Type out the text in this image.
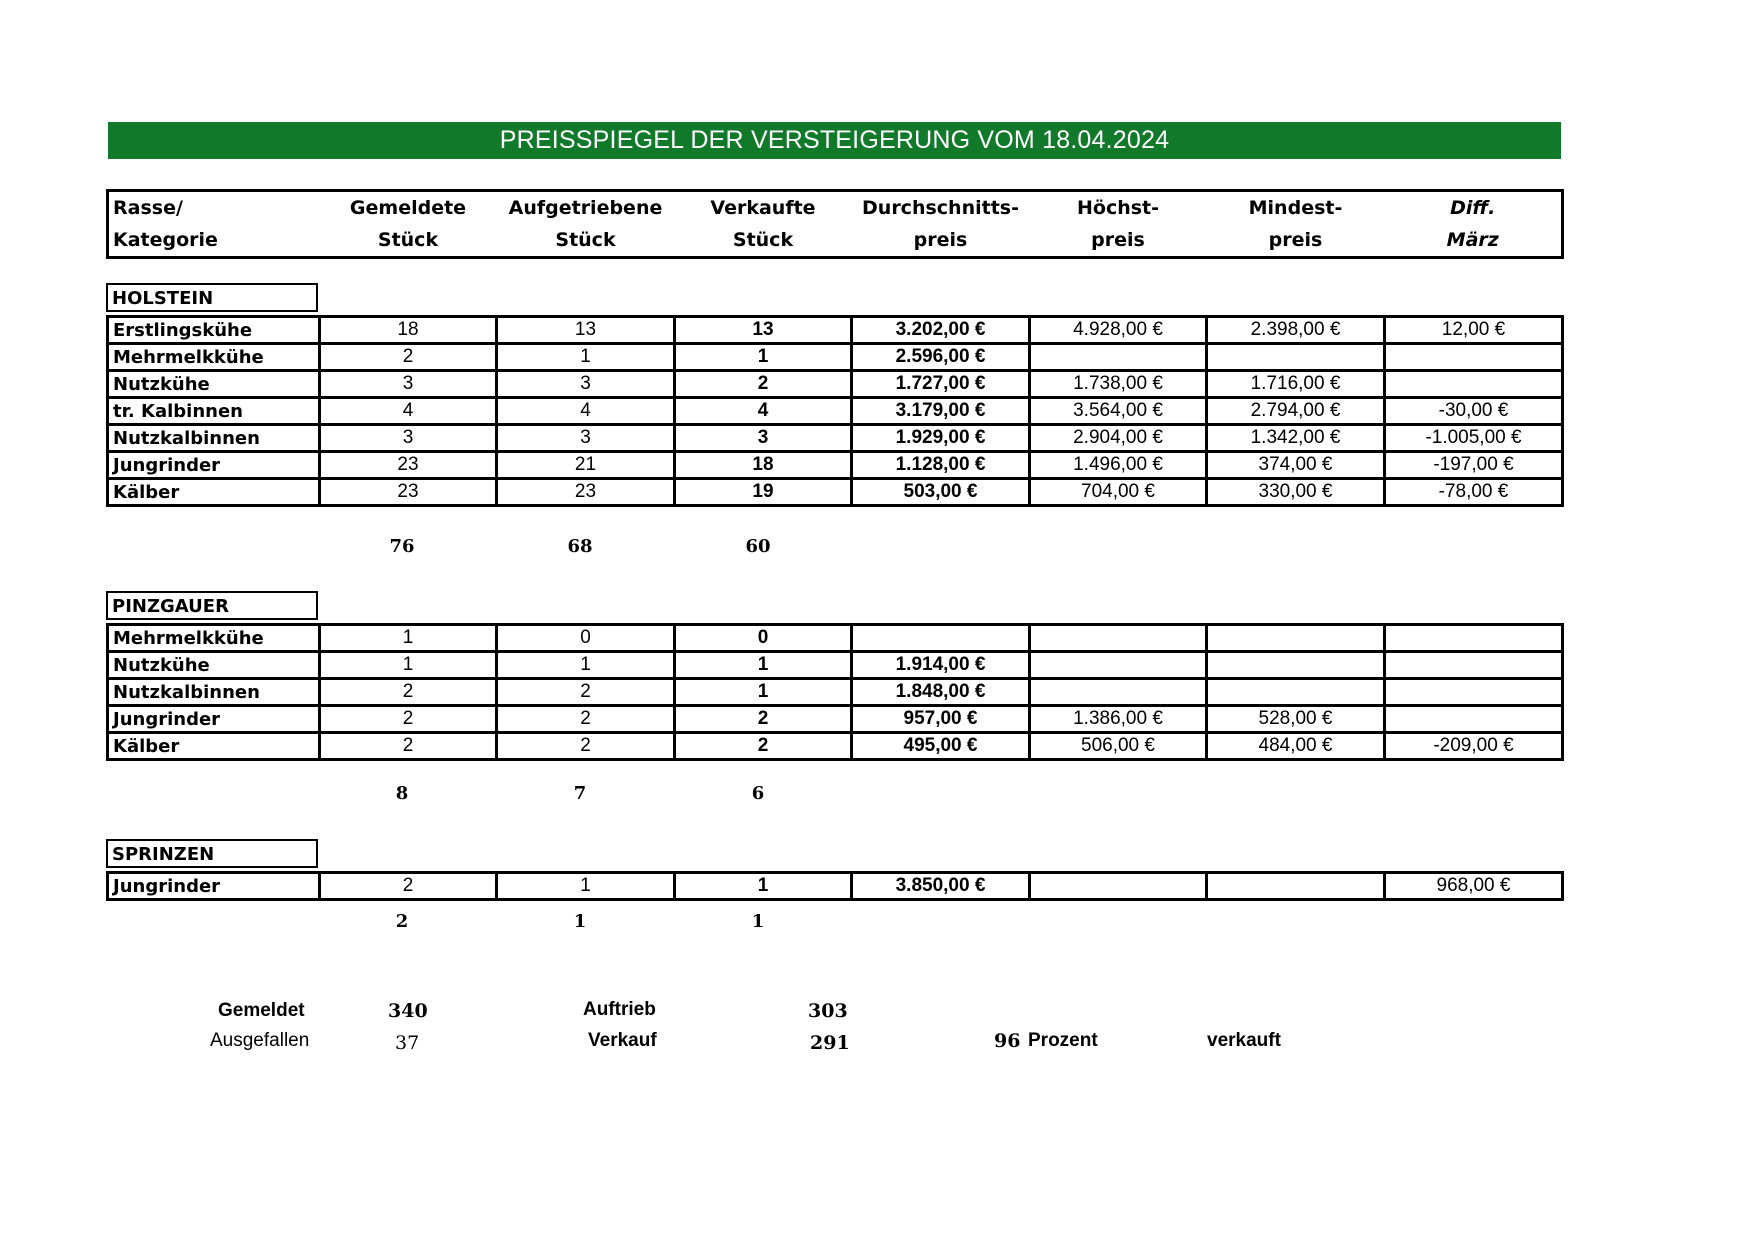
PREISSPIEGEL DER VERSTEIGERUNG VOM 18.04.2024
Rasse/	Gemeldete	Aufgetriebene	Verkaufte	Durchschnitts-	Höchst-	Mindest-	Diff.
Kategorie	Stück	Stück	Stück	preis	preis	preis	März
HOLSTEIN
Erstlingskühe	18	13	13	3.202,00 €	4.928,00 €	2.398,00 €	12,00 €
Mehrmelkkühe	2	1	1	2.596,00 €			
Nutzkühe	3	3	2	1.727,00 €	1.738,00 €	1.716,00 €	
tr. Kalbinnen	4	4	4	3.179,00 €	3.564,00 €	2.794,00 €	-30,00 €
Nutzkalbinnen	3	3	3	1.929,00 €	2.904,00 €	1.342,00 €	-1.005,00 €
Jungrinder	23	21	18	1.128,00 €	1.496,00 €	374,00 €	-197,00 €
Kälber	23	23	19	503,00 €	704,00 €	330,00 €	-78,00 €
76	68	60
PINZGAUER
Mehrmelkkühe	1	0	0				
Nutzkühe	1	1	1	1.914,00 €			
Nutzkalbinnen	2	2	1	1.848,00 €			
Jungrinder	2	2	2	957,00 €	1.386,00 €	528,00 €	
Kälber	2	2	2	495,00 €	506,00 €	484,00 €	-209,00 €
8	7	6
SPRINZEN
Jungrinder	2	1	1	3.850,00 €			968,00 €
2	1	1
Gemeldet	340	Auftrieb	303
Ausgefallen	37	Verkauf	291	96 Prozent	verkauft
